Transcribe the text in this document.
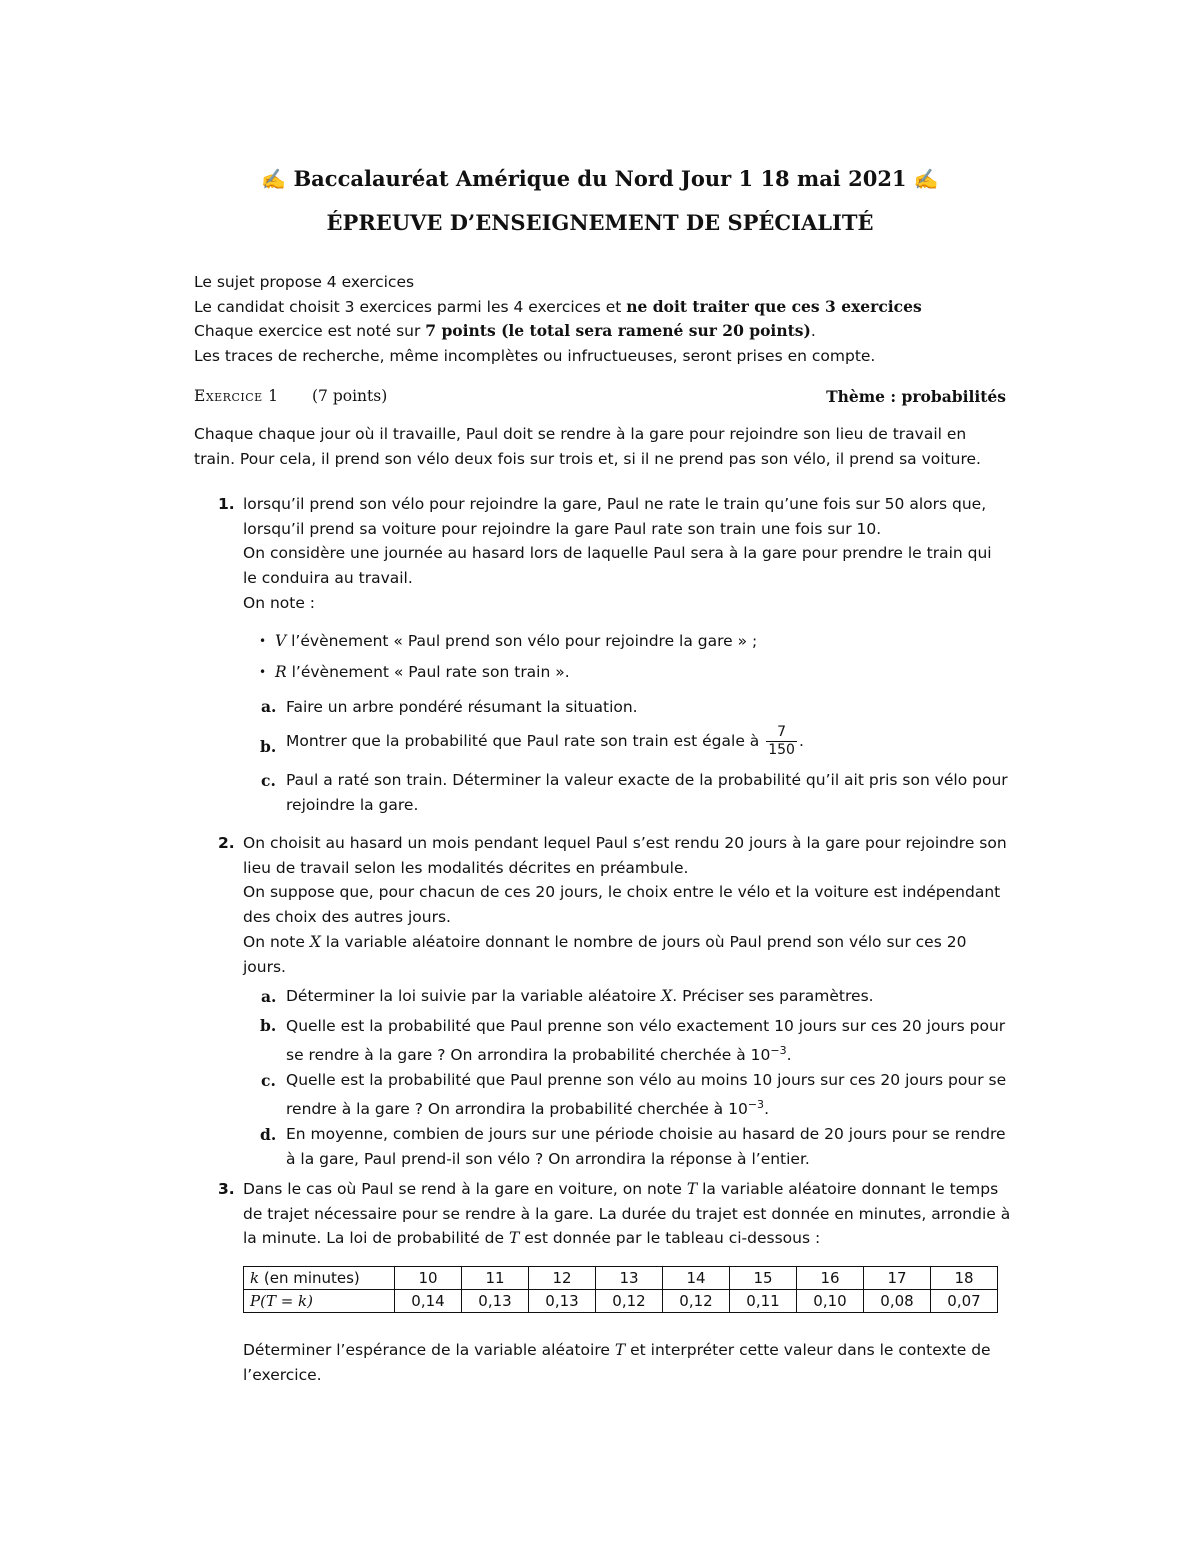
✍ Baccalauréat Amérique du Nord Jour 1 18 mai 2021 ✍
ÉPREUVE D’ENSEIGNEMENT DE SPÉCIALITÉ
Le sujet propose 4 exercices
Le candidat choisit 3 exercices parmi les 4 exercices et ne doit traiter que ces 3 exercices
Chaque exercice est noté sur 7 points (le total sera ramené sur 20 points).
Les traces de recherche, même incomplètes ou infructueuses, seront prises en compte.
Exercice 1 (7 points)	Thème : probabilités
Chaque chaque jour où il travaille, Paul doit se rendre à la gare pour rejoindre son lieu de travail en train. Pour cela, il prend son vélo deux fois sur trois et, si il ne prend pas son vélo, il prend sa voiture.
1. lorsqu’il prend son vélo pour rejoindre la gare, Paul ne rate le train qu’une fois sur 50 alors que, lorsqu’il prend sa voiture pour rejoindre la gare Paul rate son train une fois sur 10.
On considère une journée au hasard lors de laquelle Paul sera à la gare pour prendre le train qui le conduira au travail.
On note :
• V l’évènement « Paul prend son vélo pour rejoindre la gare » ;
• R l’évènement « Paul rate son train ».
a. Faire un arbre pondéré résumant la situation.
b. Montrer que la probabilité que Paul rate son train est égale à $\frac{7}{150}$ .
c. Paul a raté son train. Déterminer la valeur exacte de la probabilité qu’il ait pris son vélo pour rejoindre la gare.
2. On choisit au hasard un mois pendant lequel Paul s’est rendu 20 jours à la gare pour rejoindre son lieu de travail selon les modalités décrites en préambule.
On suppose que, pour chacun de ces 20 jours, le choix entre le vélo et la voiture est indépendant des choix des autres jours.
On note X la variable aléatoire donnant le nombre de jours où Paul prend son vélo sur ces 20 jours.
a. Déterminer la loi suivie par la variable aléatoire X. Préciser ses paramètres.
b. Quelle est la probabilité que Paul prenne son vélo exactement 10 jours sur ces 20 jours pour se rendre à la gare ? On arrondira la probabilité cherchée à $10^{-3}$.
c. Quelle est la probabilité que Paul prenne son vélo au moins 10 jours sur ces 20 jours pour se rendre à la gare ? On arrondira la probabilité cherchée à $10^{-3}$.
d. En moyenne, combien de jours sur une période choisie au hasard de 20 jours pour se rendre à la gare, Paul prend-il son vélo ? On arrondira la réponse à l’entier.
3. Dans le cas où Paul se rend à la gare en voiture, on note T la variable aléatoire donnant le temps de trajet nécessaire pour se rendre à la gare. La durée du trajet est donnée en minutes, arrondie à la minute. La loi de probabilité de T est donnée par le tableau ci-dessous :
k (en minutes)	10	11	12	13	14	15	16	17	18
P(T = k)	0,14	0,13	0,13	0,12	0,12	0,11	0,10	0,08	0,07
Déterminer l’espérance de la variable aléatoire T et interpréter cette valeur dans le contexte de l’exercice.
